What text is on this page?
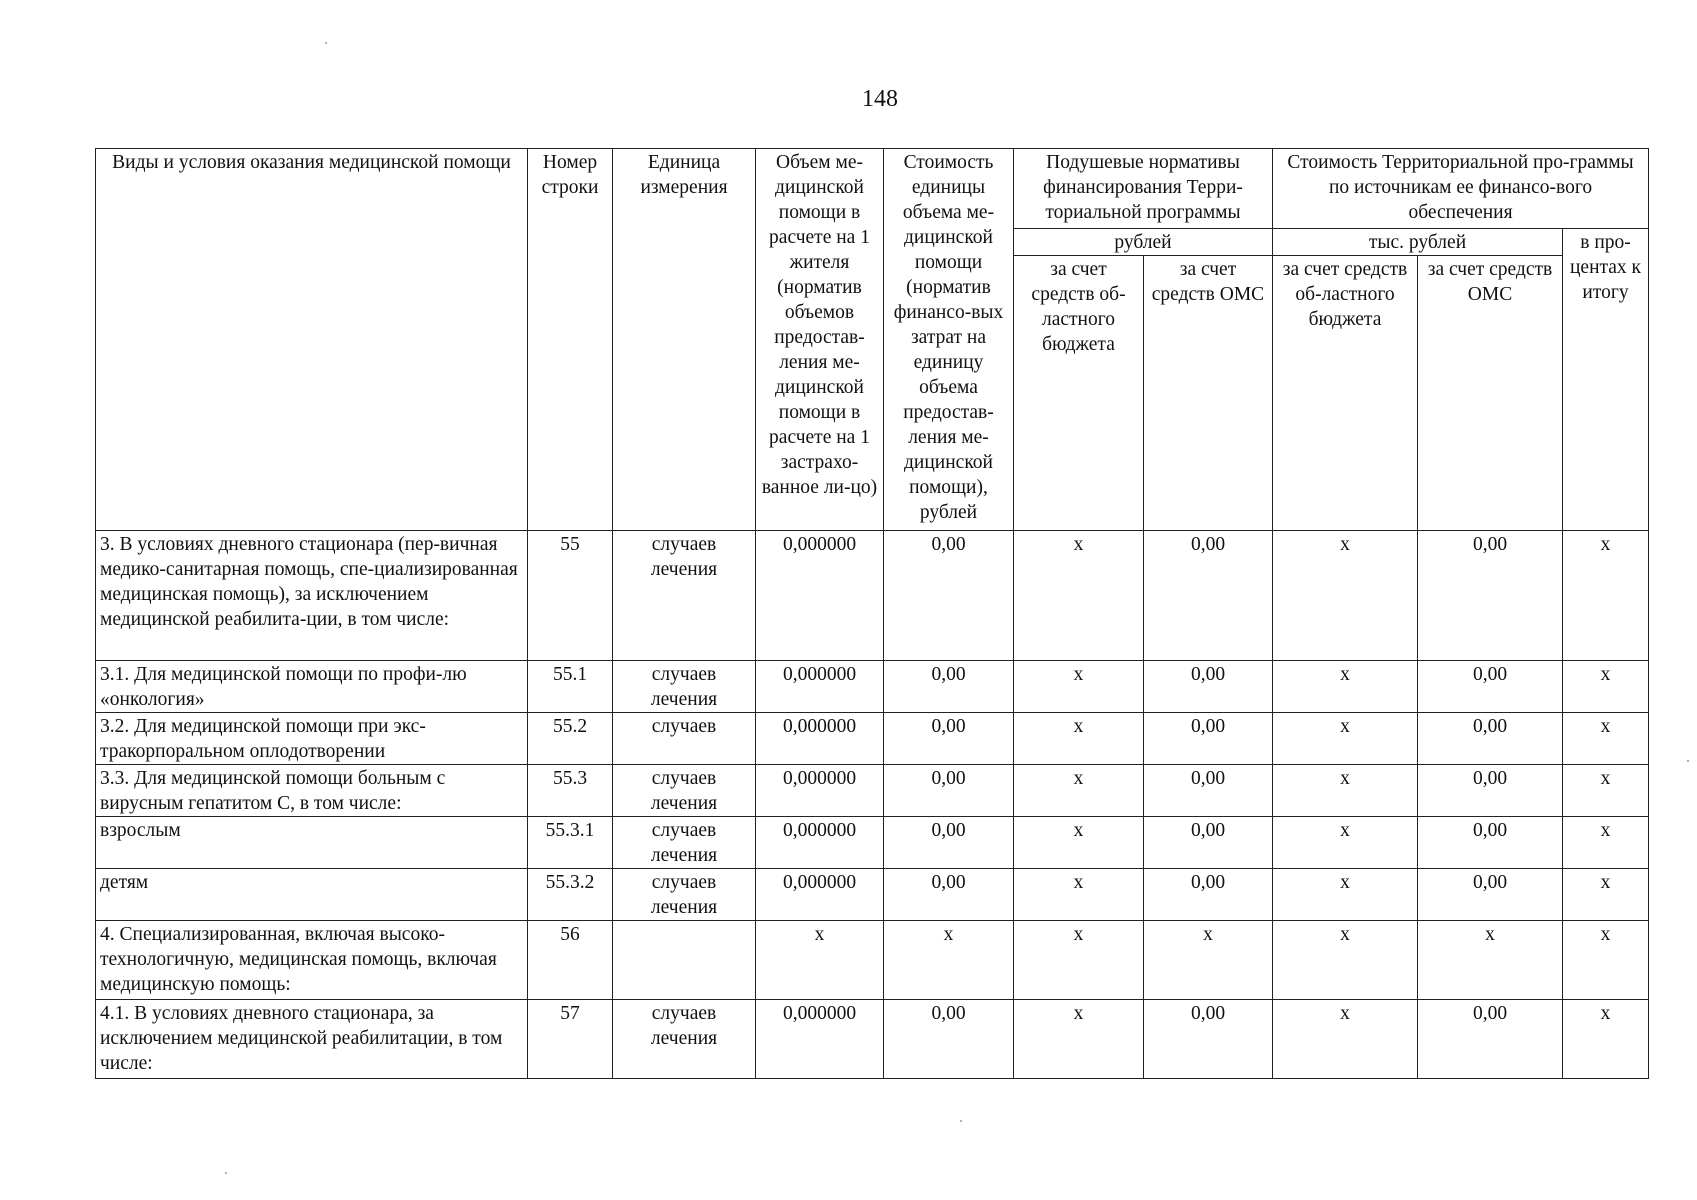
148
Виды и условия оказания медицинской помощи	Номер строки	Единица измерения	Объем ме-дицинской помощи в расчете на 1 жителя (норматив объемов предостав-ления ме-дицинской помощи в расчете на 1 застрахо-ванное ли-цо)	Стоимость единицы объема ме-дицинской помощи (норматив финансо-вых затрат на единицу объема предостав-ления ме-дицинской помощи), рублей	Подушевые нормативы финансирования Терри-ториальной программы		Стоимость Территориальной про-граммы по источникам ее финансо-вого обеспечения		
					рублей		тыс. рублей		в про-центах к итогу
					за счет средств об-ластного бюджета	за счет средств ОМС	за счет средств об-ластного бюджета	за счет средств ОМС	
3. В условиях дневного стационара (пер-вичная медико-санитарная помощь, спе-циализированная медицинская помощь), за исключением медицинской реабилита-ции, в том числе:	55	случаев лечения	0,000000	0,00	х	0,00	х	0,00	х
3.1. Для медицинской помощи по профи-лю «онкология»	55.1	случаев лечения	0,000000	0,00	х	0,00	х	0,00	х
3.2. Для медицинской помощи при экс-тракорпоральном оплодотворении	55.2	случаев	0,000000	0,00	х	0,00	х	0,00	х
3.3. Для медицинской помощи больным с вирусным гепатитом С, в том числе:	55.3	случаев лечения	0,000000	0,00	х	0,00	х	0,00	х
взрослым	55.3.1	случаев лечения	0,000000	0,00	х	0,00	х	0,00	х
детям	55.3.2	случаев лечения	0,000000	0,00	х	0,00	х	0,00	х
4. Специализированная, включая высоко-технологичную, медицинская помощь, включая медицинскую помощь:	56		х	х	х	х	х	х	х
4.1. В условиях дневного стационара, за исключением медицинской реабилитации, в том числе:	57	случаев лечения	0,000000	0,00	х	0,00	х	0,00	х
